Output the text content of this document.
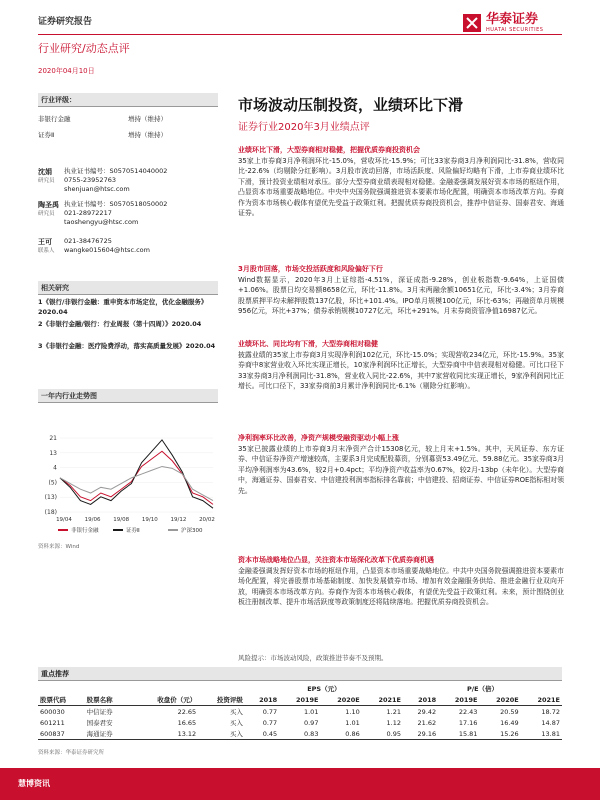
证券研究报告	华泰证券
HUATAI SECURITIES
行业研究/动态点评
2020年04月10日
行业评级：
非银行金融	增持（维持）
证券Ⅱ	增持（维持）
沈娟
研究员
执业证书编号：S0570514040002
0755-23952763
shenjuan@htsc.com
陶圣禹
研究员
执业证书编号：S0570518050002
021-28972217
taoshengyu@htsc.com
王可
联系人
021-38476725
wangke015604@htsc.com
相关研究
1《银行/非银行金融：重申资本市场定位，优化金融服务》2020.04
2《非银行金融/银行：行业周报（第十四周）》2020.04
3《非银行金融：医疗险费浮动，落实高质量发展》2020.04
一年内行业走势图
21
13
4
(5)
(13)
(18)
19/04 19/06 19/08 19/10 19/12 20/02
非银行金融	证券Ⅱ	沪深300
资料来源：Wind
市场波动压制投资，业绩环比下滑
证券行业2020年3月业绩点评
业绩环比下滑，大型券商相对稳健，把握优质券商投资机会
35家上市券商3月净利润环比-15.0%，营收环比-15.9%；可比33家券商3月净利润同比-31.8%，营收同比-22.6%（均剔除分红影响）。3月股市波动回落，市场活跃度、风险偏好均略有下滑，上市券商业绩环比下滑，预计投资业绩相对承压。部分大型券商业绩表现相对稳健。金融委强调发展好资本市场的枢纽作用，凸显资本市场重要战略地位。中央中央国务院强调推进资本要素市场化配置，明确资本市场改革方向。券商作为资本市场核心载体有望优先受益于政策红利。把握优质券商投资机会，推荐中信证券、国泰君安、海通证券。
3月股市回落，市场交投活跃度和风险偏好下行
Wind数据显示，2020年3月上证综指-4.51%，深证成指-9.28%，创业板指数-9.64%，上证国债+1.06%。股票日均交易额8658亿元，环比-11.8%。3月末两融余额10651亿元，环比-3.4%；3月券商股票质押平均未解押股数137亿股，环比+101.4%。IPO单月规模100亿元，环比-63%；再融资单月规模956亿元，环比+37%；债券承销规模10727亿元，环比+291%。月末券商资管净值16987亿元。
业绩环比、同比均有下滑，大型券商相对稳健
披露业绩的35家上市券商3月实现净利润102亿元，环比-15.0%；实现营收234亿元，环比-15.9%。35家券商中8家营业收入环比实现正增长，10家净利润环比正增长，大型券商中中信表现相对稳健。可比口径下33家券商3月净利润同比-31.8%，营业收入同比-22.6%，其中7家营收同比实现正增长，9家净利润同比正增长。可比口径下，33家券商前3月累计净利润同比-6.1%（剔除分红影响）。
净利润率环比改善，净资产规模受融资驱动小幅上涨
35家已披露业绩的上市券商3月末净资产合计15308亿元，较上月末+1.5%。其中，天风证券、东方证券、中信证券净资产增速较高，主要系3月完成配股募资，分别募资53.49亿元、59.88亿元。35家券商3月平均净利润率为43.6%，较2月+0.4pct；平均净资产收益率为0.67%，较2月-13bp（未年化）。大型券商中，海通证券、国泰君安、中信建投利润率指标排名靠前；中信建投、招商证券、中信证券ROE指标相对领先。
资本市场战略地位凸显，关注资本市场深化改革下优质券商机遇
金融委强调发挥好资本市场的枢纽作用，凸显资本市场重要战略地位。中共中央国务院强调推进资本要素市场化配置，将完善股票市场基础制度、加快发展债券市场、增加有效金融服务供给、推进金融行业双向开放，明确资本市场改革方向。券商作为资本市场核心载体，有望优先受益于政策红利。未来，预计围绕创业板注册制改革、提升市场活跃度等政策制度还将陆续落地。把握优质券商投资机会。
风险提示：市场波动风险，政策推进节奏不及预期。
重点推荐
				EPS（元）				P/E（倍）			
股票代码	股票名称	收盘价（元）	投资评级	2018	2019E	2020E	2021E	2018	2019E	2020E	2021E
600030	中信证券	22.65	买入	0.77	1.01	1.10	1.21	29.42	22.43	20.59	18.72
601211	国泰君安	16.65	买入	0.77	0.97	1.01	1.12	21.62	17.16	16.49	14.87
600837	海通证券	13.12	买入	0.45	0.83	0.86	0.95	29.16	15.81	15.26	13.81
资料来源：华泰证券研究所
慧博资讯
